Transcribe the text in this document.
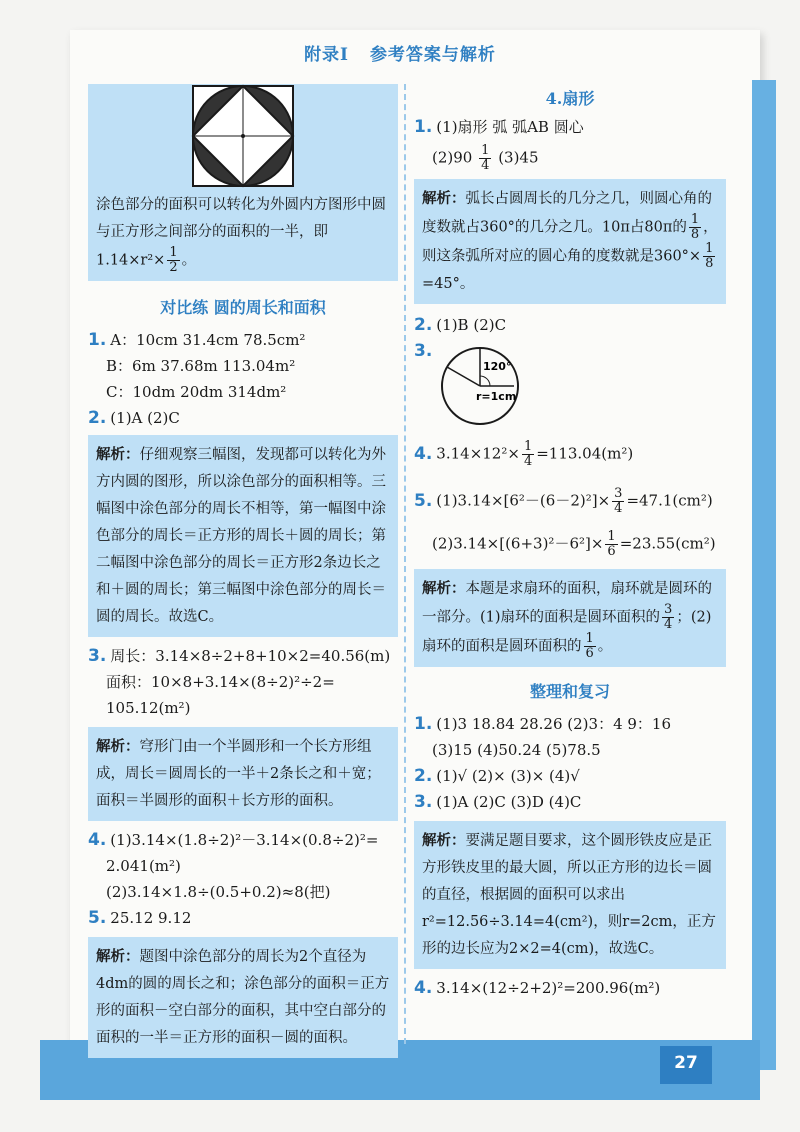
附录Ⅰ 参考答案与解析
涂色部分的面积可以转化为外圆内方图形中圆与正方形之间部分的面积的一半，即$1.14\times r^2\times \frac{1}{2}$ 。
对比练 圆的周长和面积
1. A：10cm 31.4cm 78.5cm²
B：6m 37.68m 113.04m²
C：10dm 20dm 314dm²
2. (1)A (2)C
解析：仔细观察三幅图，发现都可以转化为外方内圆的图形，所以涂色部分的面积相等。三幅图中涂色部分的周长不相等，第一幅图中涂色部分的周长＝正方形的周长＋圆的周长；第二幅图中涂色部分的周长＝正方形2条边长之和＋圆的周长；第三幅图中涂色部分的周长＝圆的周长。故选C。
3. 周长：3.14×8÷2+8+10×2=40.56(m)
面积：10×8+3.14×(8÷2)²÷2=
105.12(m²)
解析：穹形门由一个半圆形和一个长方形组成，周长＝圆周长的一半＋2条长之和＋宽；面积＝半圆形的面积＋长方形的面积。
4. (1)3.14×(1.8÷2)²－3.14×(0.8÷2)²=
2.041(m²)
(2)3.14×1.8÷(0.5+0.2)≈8(把)
5. 25.12 9.12
解析：题图中涂色部分的周长为2个直径为4dm的圆的周长之和；涂色部分的面积＝正方形的面积－空白部分的面积，其中空白部分的面积的一半＝正方形的面积－圆的面积。
4.扇形
1. (1)扇形 弧 弧AB 圆心
$(2)90 \frac{1}{4} (3)45$
解析：弧长占圆周长的几分之几，则圆心角的度数就占360°的几分之几。10π占80π的 $\frac{1}{8}$ ，则这条弧所对应的圆心角的度数就是$360^\circ\times \frac{1}{8}$
=45°。
2. (1)B (2)C
3.
120°
r=1cm
4. $3.14\times 12^2\times \frac{1}{4} =113.04(m^2)$
5. $(1)3.14\times[6^2-(6-2)^2]\times \frac{3}{4} =47.1(cm^2)$
$(2)3.14\times[(6+3)^2-6^2]\times \frac{1}{6} =23.55(cm^2)$
解析：本题是求扇环的面积，扇环就是圆环的一部分。(1)扇环的面积是圆环面积的 $\frac{3}{4}$ ；(2)扇环的面积是圆环面积的 $\frac{1}{6}$ 。
整理和复习
1. (1)3 18.84 28.26 (2)3：4 9：16
(3)15 (4)50.24 (5)78.5
2. (1)√ (2)× (3)× (4)√
3. (1)A (2)C (3)D (4)C
解析：要满足题目要求，这个圆形铁皮应是正方形铁皮里的最大圆，所以正方形的边长＝圆的直径，根据圆的面积可以求出r²=12.56÷3.14=4(cm²)，则r=2cm，正方形的边长应为2×2=4(cm)，故选C。
4. 3.14×(12÷2+2)²=200.96(m²)
27
